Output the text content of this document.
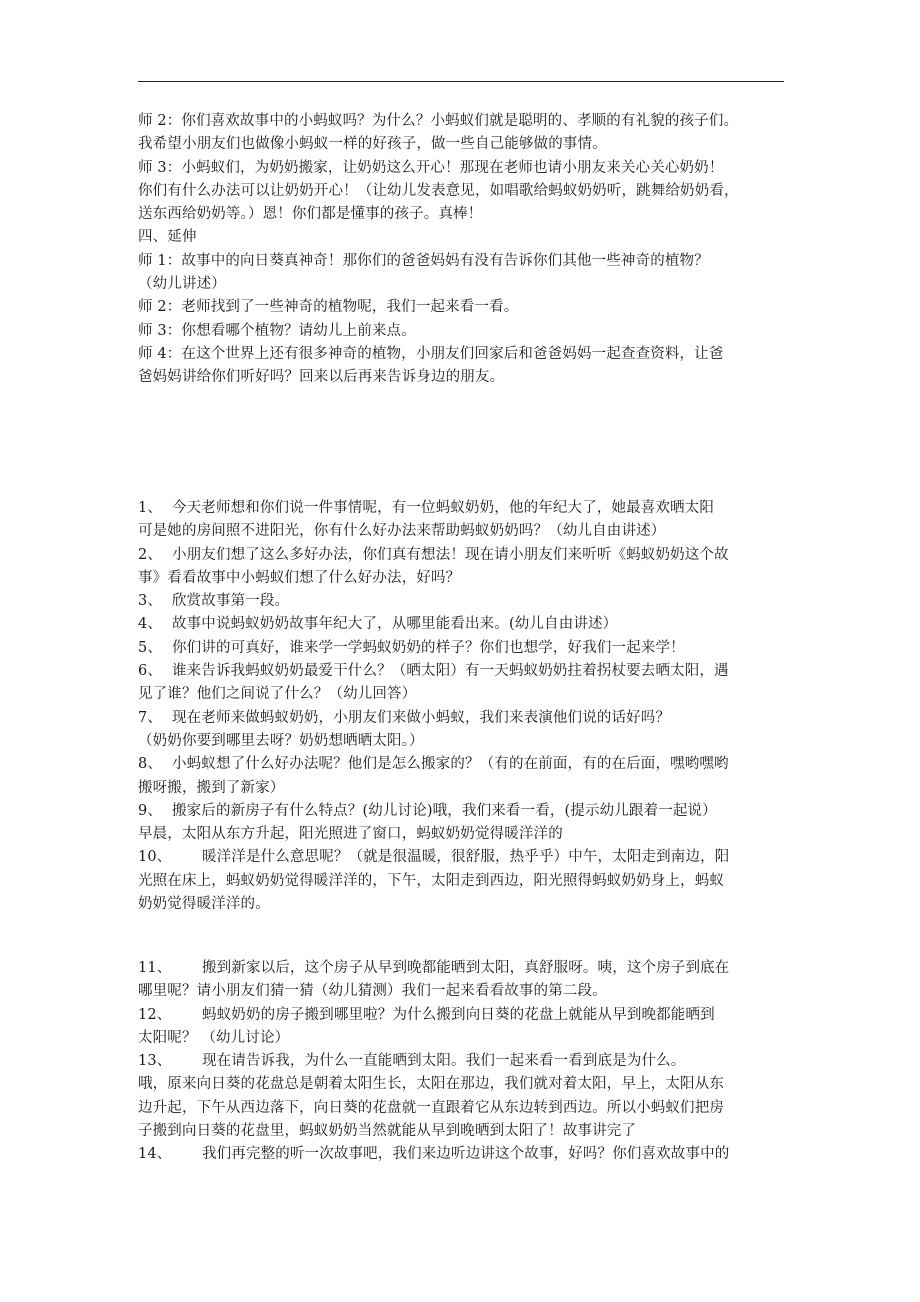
师 2：你们喜欢故事中的小蚂蚁吗？为什么？小蚂蚁们就是聪明的、孝顺的有礼貌的孩子们。

我希望小朋友们也做像小蚂蚁一样的好孩子，做一些自己能够做的事情。

师 3：小蚂蚁们，为奶奶搬家，让奶奶这么开心！那现在老师也请小朋友来关心关心奶奶！

你们有什么办法可以让奶奶开心！（让幼儿发表意见，如唱歌给蚂蚁奶奶听，跳舞给奶奶看，

送东西给奶奶等。）恩！你们都是懂事的孩子。真棒！

四、延伸

师 1：故事中的向日葵真神奇！那你们的爸爸妈妈有没有告诉你们其他一些神奇的植物？

（幼儿讲述）

师 2：老师找到了一些神奇的植物呢，我们一起来看一看。

师 3：你想看哪个植物？请幼儿上前来点。

师 4：在这个世界上还有很多神奇的植物，小朋友们回家后和爸爸妈妈一起查查资料，让爸

爸妈妈讲给你们听好吗？回来以后再来告诉身边的朋友。

1、 今天老师想和你们说一件事情呢，有一位蚂蚁奶奶，他的年纪大了，她最喜欢晒太阳

可是她的房间照不进阳光，你有什么好办法来帮助蚂蚁奶奶吗？（幼儿自由讲述）

2、 小朋友们想了这么多好办法，你们真有想法！现在请小朋友们来听听《蚂蚁奶奶这个故

事》看看故事中小蚂蚁们想了什么好办法，好吗？

3、 欣赏故事第一段。

4、 故事中说蚂蚁奶奶故事年纪大了，从哪里能看出来。(幼儿自由讲述）

5、 你们讲的可真好，谁来学一学蚂蚁奶奶的样子？你们也想学，好我们一起来学！

6、 谁来告诉我蚂蚁奶奶最爱干什么？（晒太阳）有一天蚂蚁奶奶拄着拐杖要去晒太阳，遇

见了谁？他们之间说了什么？（幼儿回答）

7、 现在老师来做蚂蚁奶奶，小朋友们来做小蚂蚁，我们来表演他们说的话好吗？

（奶奶你要到哪里去呀？奶奶想晒晒太阳。）

8、 小蚂蚁想了什么好办法呢？他们是怎么搬家的？（有的在前面，有的在后面，嘿哟嘿哟

搬呀搬，搬到了新家）

9、 搬家后的新房子有什么特点？(幼儿讨论)哦，我们来看一看，(提示幼儿跟着一起说）

早晨，太阳从东方升起，阳光照进了窗口，蚂蚁奶奶觉得暖洋洋的

10、 暖洋洋是什么意思呢？（就是很温暖，很舒服，热乎乎）中午，太阳走到南边，阳

光照在床上，蚂蚁奶奶觉得暖洋洋的，下午，太阳走到西边，阳光照得蚂蚁奶奶身上，蚂蚁

奶奶觉得暖洋洋的。

11、 搬到新家以后，这个房子从早到晚都能晒到太阳，真舒服呀。咦，这个房子到底在

哪里呢？请小朋友们猜一猜（幼儿猜测）我们一起来看看故事的第二段。

12、 蚂蚁奶奶的房子搬到哪里啦？为什么搬到向日葵的花盘上就能从早到晚都能晒到

太阳呢？ （幼儿讨论）

13、 现在请告诉我，为什么一直能晒到太阳。我们一起来看一看到底是为什么。

哦，原来向日葵的花盘总是朝着太阳生长，太阳在那边，我们就对着太阳，早上，太阳从东

边升起，下午从西边落下，向日葵的花盘就一直跟着它从东边转到西边。所以小蚂蚁们把房

子搬到向日葵的花盘里，蚂蚁奶奶当然就能从早到晚晒到太阳了！故事讲完了

14、 我们再完整的听一次故事吧，我们来边听边讲这个故事，好吗？你们喜欢故事中的
